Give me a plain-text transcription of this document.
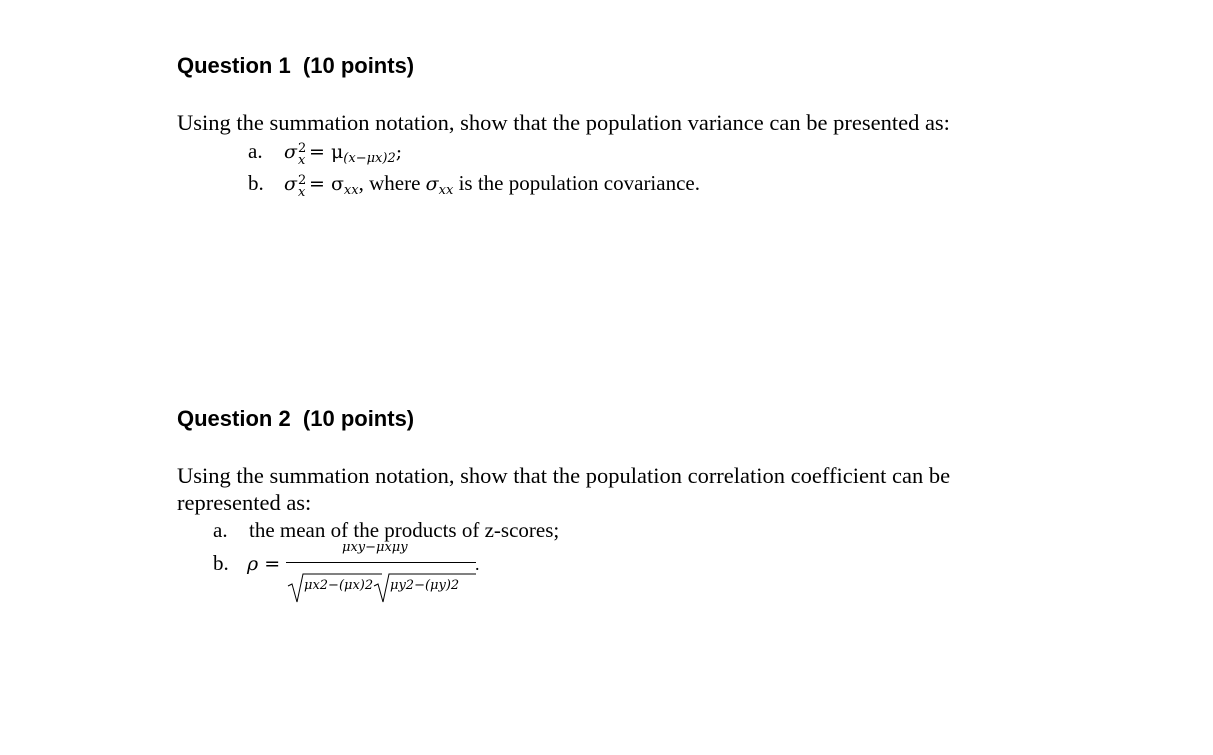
Question 1  (10 points)
Using the summation notation, show that the population variance can be presented as:
a. σ 2
$x = \mu_{(x-\mu x)2}$;
b. σ 2
$x = \sigma_{xx}$, where $\sigma_{xx}$ is the population covariance.
Question 2  (10 points)
Using the summation notation, show that the population correlation coefficient can be
represented as:
a. the mean of the products of z-scores;
b. ρ =
μxy−μxμy
μx2−(μx)2 μy2−(μy)2
.
